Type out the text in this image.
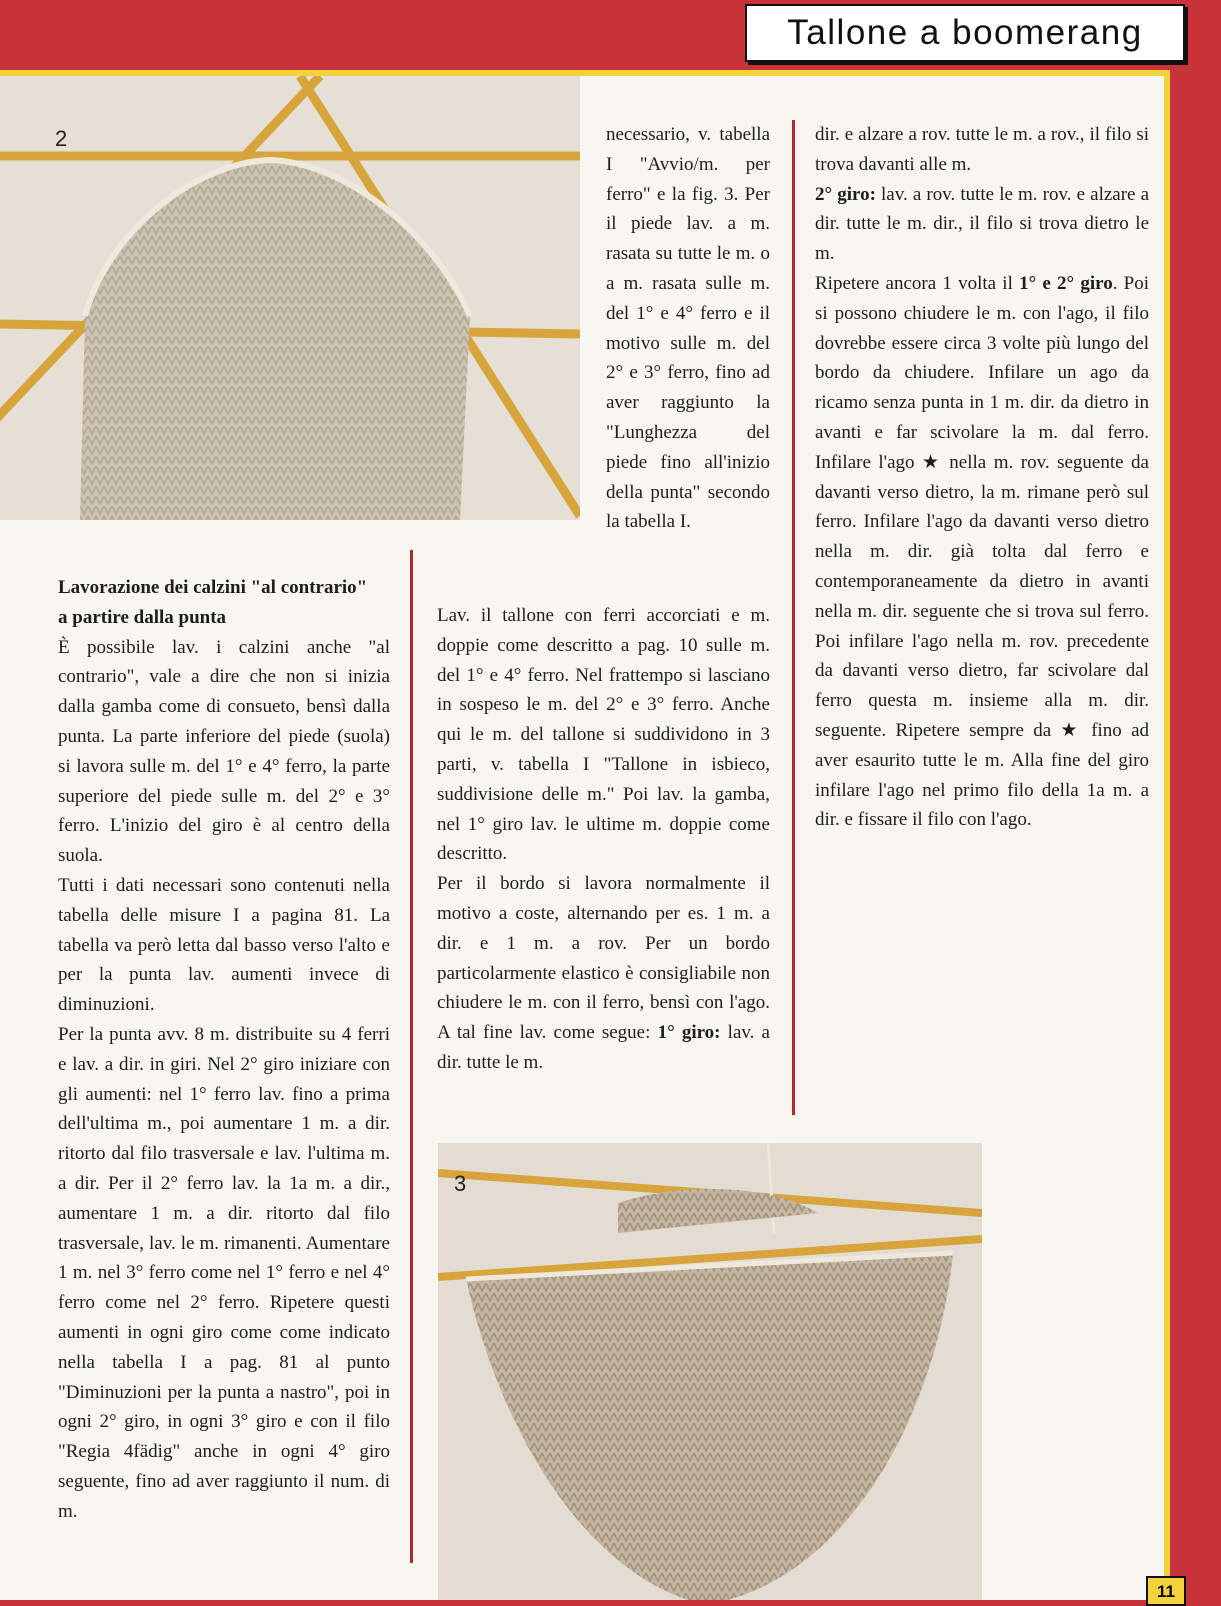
Tallone a boomerang
2
3

Lavorazione dei calzini "al contrario"

a partire dalla punta

È possibile lav. i calzini anche "al contrario", vale a dire che non si inizia dalla gamba come di consueto, bensì dalla punta. La parte inferiore del piede (suola) si lavora sulle m. del 1° e 4° ferro, la parte superiore del piede sulle m. del 2° e 3° ferro. L'inizio del giro è al centro della suola.

Tutti i dati necessari sono contenuti nella tabella delle misure I a pagina 81. La tabella va però letta dal basso verso l'alto e per la punta lav. aumenti invece di diminuzioni.

Per la punta avv. 8 m. distribuite su 4 ferri e lav. a dir. in giri. Nel 2° giro iniziare con gli aumenti: nel 1° ferro lav. fino a prima dell'ultima m., poi aumentare 1 m. a dir. ritorto dal filo trasversale e lav. l'ultima m. a dir. Per il 2° ferro lav. la 1a m. a dir., aumentare 1 m. a dir. ritorto dal filo trasversale, lav. le m. rimanenti. Aumentare 1 m. nel 3° ferro come nel 1° ferro e nel 4° ferro come nel 2° ferro. Ripetere questi aumenti in ogni giro come come indicato nella tabella I a pag. 81 al punto "Diminuzioni per la punta a nastro", poi in ogni 2° giro, in ogni 3° giro e con il filo "Regia 4fädig" anche in ogni 4° giro seguente, fino ad aver raggiunto il num. di m.

necessario, v. tabella I "Avvio/m. per ferro" e la fig. 3. Per il piede lav. a m. rasata su tutte le m. o a m. rasata sulle m. del 1° e 4° ferro e il motivo sulle m. del 2° e 3° ferro, fino ad aver raggiunto la "Lunghezza del piede fino all'inizio della punta" secondo la tabella I.

Lav. il tallone con ferri accorciati e m. doppie come descritto a pag. 10 sulle m. del 1° e 4° ferro. Nel frattempo si lasciano in sospeso le m. del 2° e 3° ferro. Anche qui le m. del tallone si suddividono in 3 parti, v. tabella I "Tallone in isbieco, suddivisione delle m." Poi lav. la gamba, nel 1° giro lav. le ultime m. doppie come descritto.

Per il bordo si lavora normalmente il motivo a coste, alternando per es. 1 m. a dir. e 1 m. a rov. Per un bordo particolarmente elastico è consigliabile non chiudere le m. con il ferro, bensì con l'ago. A tal fine lav. come segue: 1° giro: lav. a dir. tutte le m.

dir. e alzare a rov. tutte le m. a rov., il filo si trova davanti alle m.

2° giro: lav. a rov. tutte le m. rov. e alzare a dir. tutte le m. dir., il filo si trova dietro le m.

Ripetere ancora 1 volta il 1° e 2° giro. Poi si possono chiudere le m. con l'ago, il filo dovrebbe essere circa 3 volte più lungo del bordo da chiudere. Infilare un ago da ricamo senza punta in 1 m. dir. da dietro in avanti e far scivolare la m. dal ferro. Infilare l'ago ★ nella m. rov. seguente da davanti verso dietro, la m. rimane però sul ferro. Infilare l'ago da davanti verso dietro nella m. dir. già tolta dal ferro e contemporaneamente da dietro in avanti nella m. dir. seguente che si trova sul ferro. Poi infilare l'ago nella m. rov. precedente da davanti verso dietro, far scivolare dal ferro questa m. insieme alla m. dir. seguente. Ripetere sempre da ★ fino ad aver esaurito tutte le m. Alla fine del giro infilare l'ago nel primo filo della 1a m. a dir. e fissare il filo con l'ago.

11
